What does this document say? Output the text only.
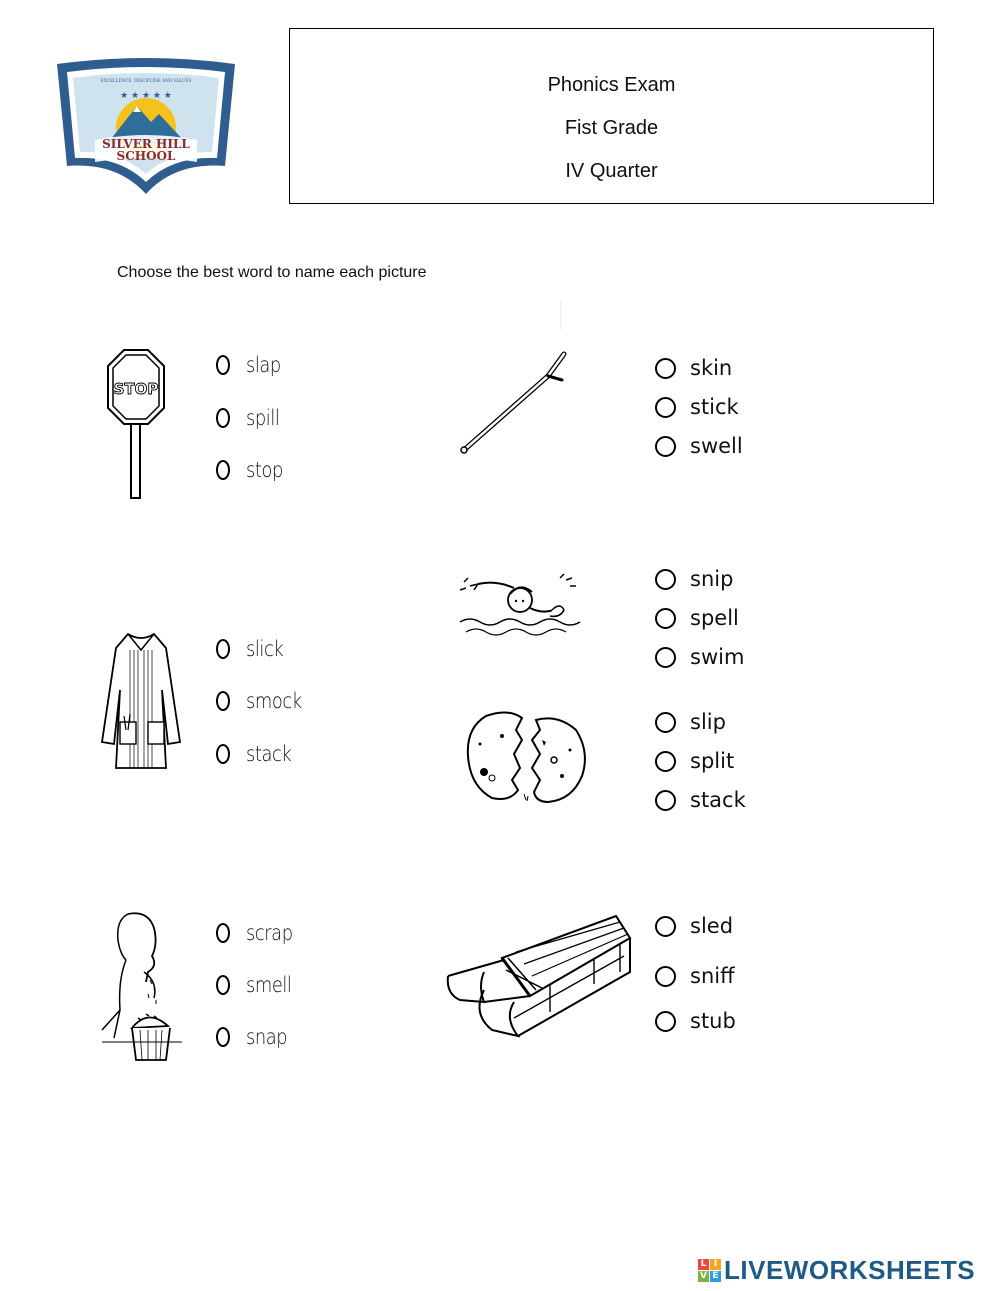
★ ★ ★ ★ ★
EXCELLENCE, DISCIPLINE AND VALUES
SILVER HILL SCHOOL
Phonics Exam
Fist Grade
IV Quarter
Choose the best word to name each picture
STOP
slap
spill
stop
skin
stick
swell
snip
spell
swim
slick
smock
stack
slip
split
stack
scrap
smell
snap
sled
sniff
stub
L I
V E LIVEWORKSHEETS
